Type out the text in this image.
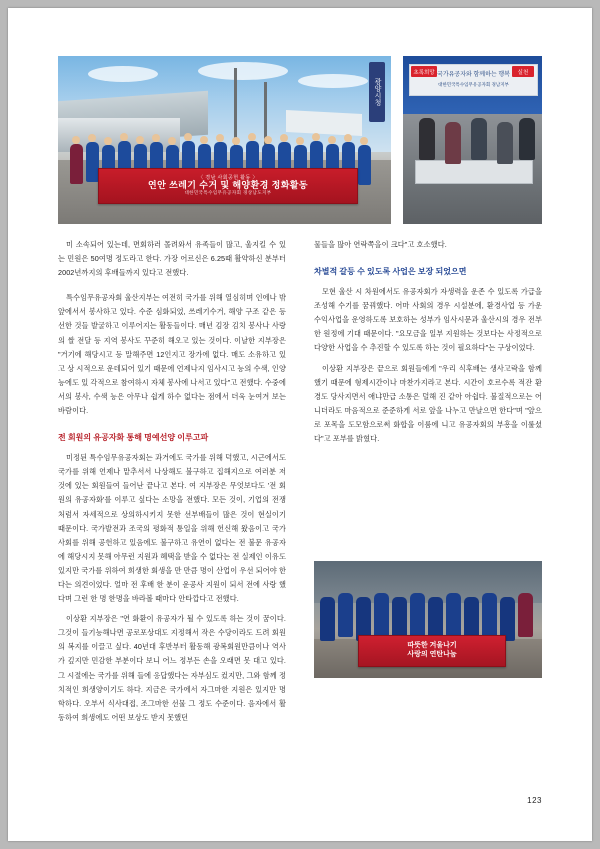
〈 경남 사회공헌 활동 〉
연안 쓰레기 수거 및 해양환경 정화활동
대한민국특수임무유공자회 경상남도지부
광양시청
국가유공자와 함께하는 행복
대한민국특수임무유공자회 경남지부
초록희망	실천

미 소속되어 있는데, 면회하러 몰려와서 유족들이 많고, 울지킬 수 있는 민원은 50여명 정도라고 한다. 가장 어르신은 6.25때 활약하신 분부터 2002년까지의 후배들까지 있다고 전했다.

특수임무유공자회 울산지부는 여전히 국가를 위해 열심히며 인에나 밖 앞에서서 봉사하고 있다. 수준 심화되었, 쓰레기수거, 해양 구조 같은 등 선한 것들 발굴하고 이루어지는 활동들이다. 매년 김장 김치 봉사나 사랑의 쌀 전달 등 지역 봉사도 꾸준히 해오고 있는 것이다. 이날한 지부장은 "거기에 해당시고 등 말해주면 12인지고 장가에 없다. 매도 소유하고 있고 상 시적으로 운데되어 있기 때문에 언제나지 임사시고 능의 수색, 인양 능에도 있 각적으로 참여하시 자체 봉사에 나서고 있다"고 전했다. 수중에서의 봉사, 수색 능은 아무나 쉽게 하수 없다는 점에서 더욱 눈여겨 보는 바람이다.

전 회원의 유공자화 통해 명예선양 이루고파

미정된 특수임무유공자회는 과거에도 국가를 위해 덕했고, 시근에서도 국가를 위해 언제나 맡추서서 나상해도 불구하고 집해지으로 여러분 저것에 있는 회원들여 들어난 끝나고 본다. 여 지부장은 무엇보다도 '전 회원의 유공자화'를 이루고 싶다는 소망을 전했다. 모든 것이, 기업의 전쟁처럼서 자세적으로 상의하시키지 못한 선부배들이 많은 것이 현실이기 때문이다. 국가발전과 조국의 평화적 통일을 위해 헌신해 왔음이고 국가사회를 위해 공헌하고 있음에도 불구하고 유연이 없다는 전 불문 유공자에 해당시지 못해 아무런 지원과 혜택을 받을 수 없다는 전 실제인 이유도 있지만 국가를 위하여 희생한 회생을 만 만큼 명이 산업이 우선 되어야 한다는 의견이었다. 얼마 전 후배 한 분이 운공사 지원이 되서 전에 사랑 했다며 그런 한 명 한명을 바라볼 때마다 안타깝다고 전했다.

이상환 지부장은 "연 화환이 유공자가 될 수 있도록 하는 것이 꿈이다. 그것이 들기능해나면 공로포상대도 지정해서 작은 수당이라도 드려 회원의 복지를 이끌고 싶다. 40년대 후반부터 활동해 광복회원만큼이나 역사가 깊지만 민감한 부분이다 보니 어느 정부든 손을 오래면 못 대고 있다. 그 시절에는 국가를 위해 들에 응답했다는 자부심도 컸지만, 그와 함께 정치적인 희생양이기도 하다. 지금은 국가에서 자그마한 지원은 있지만 명학하다. 오부서 식사대접, 조그마한 선물 그 정도 수준이다. 음자에서 활동하여 희생에도 어떤 보상도 받지 못했던

물들을 많아 연락쪽을이 크다"고 호소했다.

차별적 갈등 수 있도록 사업은 보장 되었으면

모현 울산 시 차원에서도 유공자회가 자생력을 운존 수 있도록 가급을 조성해 수기를 꿈꿔했다. 어마 사회의 경우 시설분에, 환경사업 등 가운 수익사업을 운영하도록 보호하는 성부가 임사시문과 울산시의 경우 전부한 원정에 기대 때문이다. "요모금을 일부 지원하는 것보다는 사정적으로 다양한 사업을 수 추진할 수 있도록 하는 것이 필요하다"는 구상이었다.

이상환 지부장은 끝으로 회원들에게 "우리 식후배는 생사고락을 함께 했기 때문에 형제시간이나 마찬가지라고 본다. 시간이 호르수록 적잔 환경도 당사지면서 애냐만급 소통은 덜해 진 같아 아쉽다. 불질적으로는 어니더라도 마음적으로 준준하게 서로 앞을 나누고 만날으면 한다"며 "앞으로 포목을 도모함으로써 화합을 이룸에 니고 유공자회의 부흥을 이룰셨다"고 포부를 밝혔다.

따뜻한 겨울나기
사랑의 연탄나눔
123
